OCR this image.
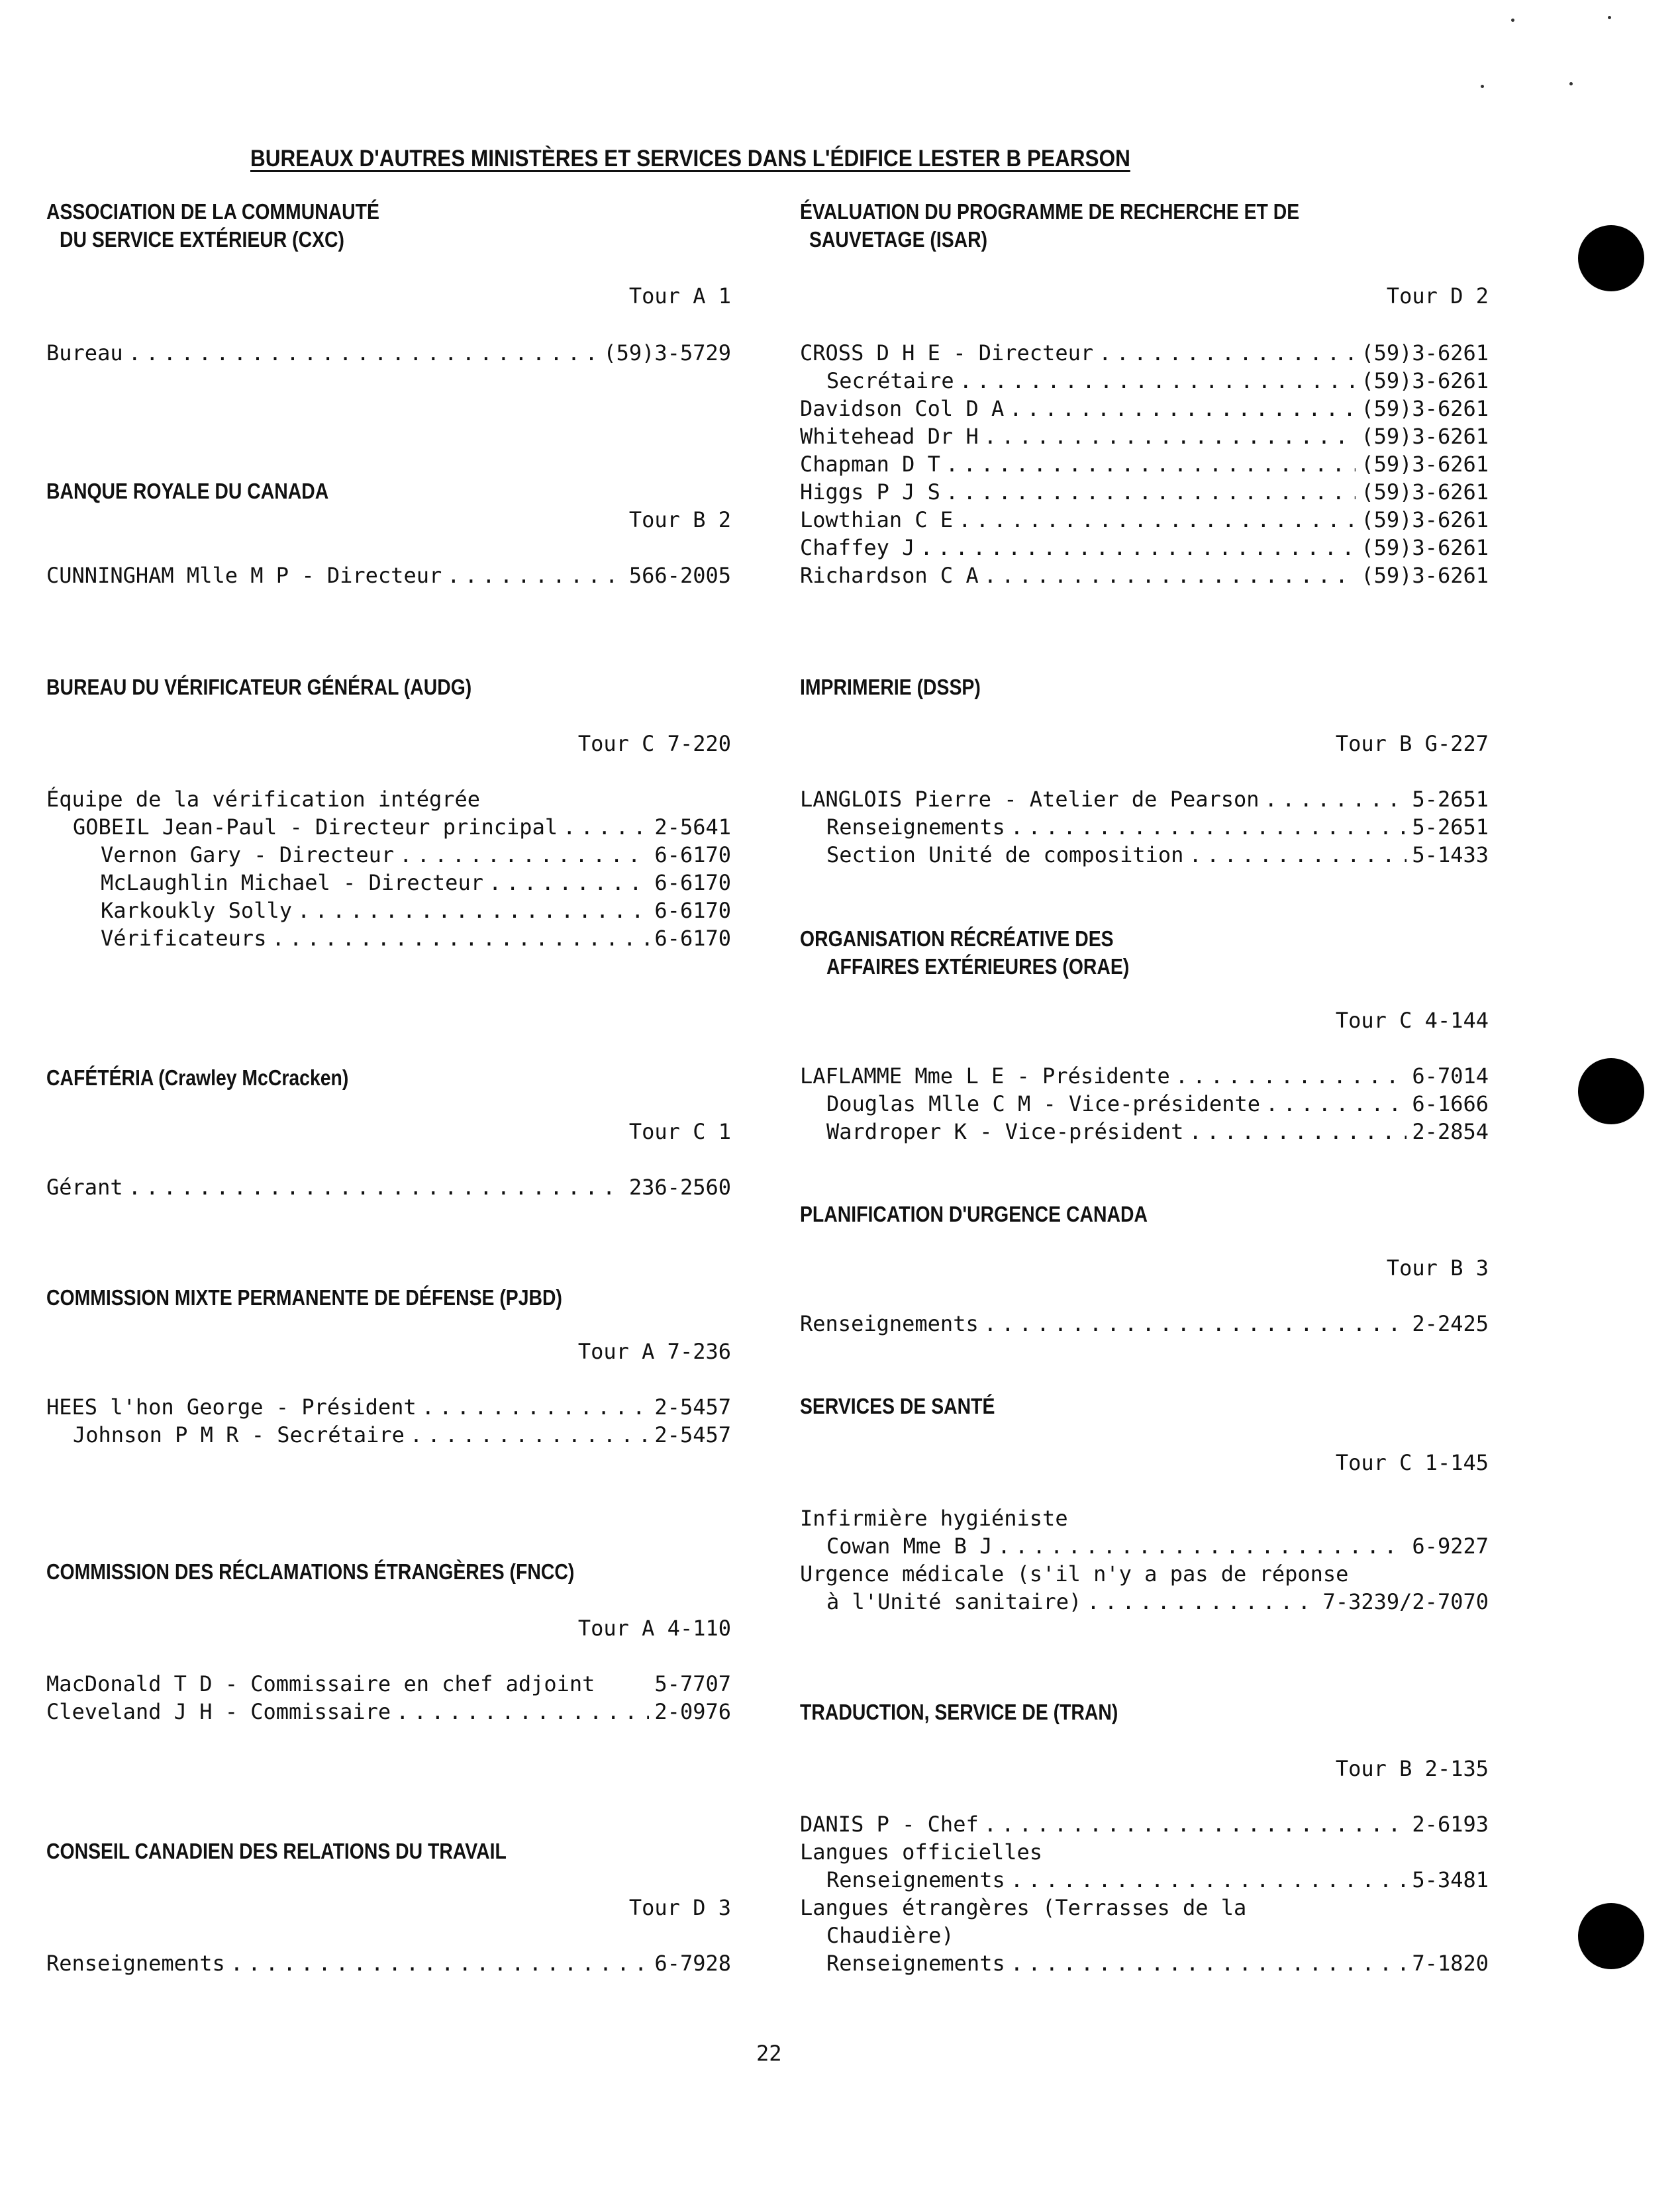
BUREAUX D'AUTRES MINISTÈRES ET SERVICES DANS L'ÉDIFICE LESTER B PEARSON
ASSOCIATION DE LA COMMUNAUTÉ
DU SERVICE EXTÉRIEUR (CXC)
Tour A 1
Bureau . . .	(59)3-5729
BANQUE ROYALE DU CANADA
Tour B 2
CUNNINGHAM Mlle M P - Directeur . . .	566-2005
BUREAU DU VÉRIFICATEUR GÉNÉRAL (AUDG)
Tour C 7-220
Équipe de la vérification intégrée
GOBEIL Jean-Paul - Directeur principal . . .	2-5641
Vernon Gary - Directeur . . .	6-6170
McLaughlin Michael - Directeur . . .	6-6170
Karkoukly Solly . . .	6-6170
Vérificateurs . . .	6-6170
CAFÉTÉRIA (Crawley McCracken)
Tour C 1
Gérant . . .	236-2560
COMMISSION MIXTE PERMANENTE DE DÉFENSE (PJBD)
Tour A 7-236
HEES l'hon George - Président . . .	2-5457
Johnson P M R - Secrétaire . . .	2-5457
COMMISSION DES RÉCLAMATIONS ÉTRANGÈRES (FNCC)
Tour A 4-110
MacDonald T D - Commissaire en chef adjoint	5-7707
Cleveland J H - Commissaire . . .	2-0976
CONSEIL CANADIEN DES RELATIONS DU TRAVAIL
Tour D 3
Renseignements . . .	6-7928
ÉVALUATION DU PROGRAMME DE RECHERCHE ET DE
SAUVETAGE (ISAR)
Tour D 2
CROSS D H E - Directeur . . .	(59)3-6261
Secrétaire . . .	(59)3-6261
Davidson Col D A . . .	(59)3-6261
Whitehead Dr H . . .	(59)3-6261
Chapman D T . . .	(59)3-6261
Higgs P J S . . .	(59)3-6261
Lowthian C E . . .	(59)3-6261
Chaffey J . . .	(59)3-6261
Richardson C A . . .	(59)3-6261
IMPRIMERIE (DSSP)
Tour B G-227
LANGLOIS Pierre - Atelier de Pearson . . .	5-2651
Renseignements . . .	5-2651
Section Unité de composition . . .	5-1433
ORGANISATION RÉCRÉATIVE DES
AFFAIRES EXTÉRIEURES (ORAE)
Tour C 4-144
LAFLAMME Mme L E - Présidente . . .	6-7014
Douglas Mlle C M - Vice-présidente . . .	6-1666
Wardroper K - Vice-président . . .	2-2854
PLANIFICATION D'URGENCE CANADA
Tour B 3
Renseignements . . .	2-2425
SERVICES DE SANTÉ
Tour C 1-145
Infirmière hygiéniste
Cowan Mme B J . . .	6-9227
Urgence médicale (s'il n'y a pas de réponse
à l'Unité sanitaire) . . .	7-3239/2-7070
TRADUCTION, SERVICE DE (TRAN)
Tour B 2-135
DANIS P - Chef . . .	2-6193
Langues officielles
Renseignements . . .	5-3481
Langues étrangères (Terrasses de la
Chaudière)
Renseignements . . .	7-1820
22
